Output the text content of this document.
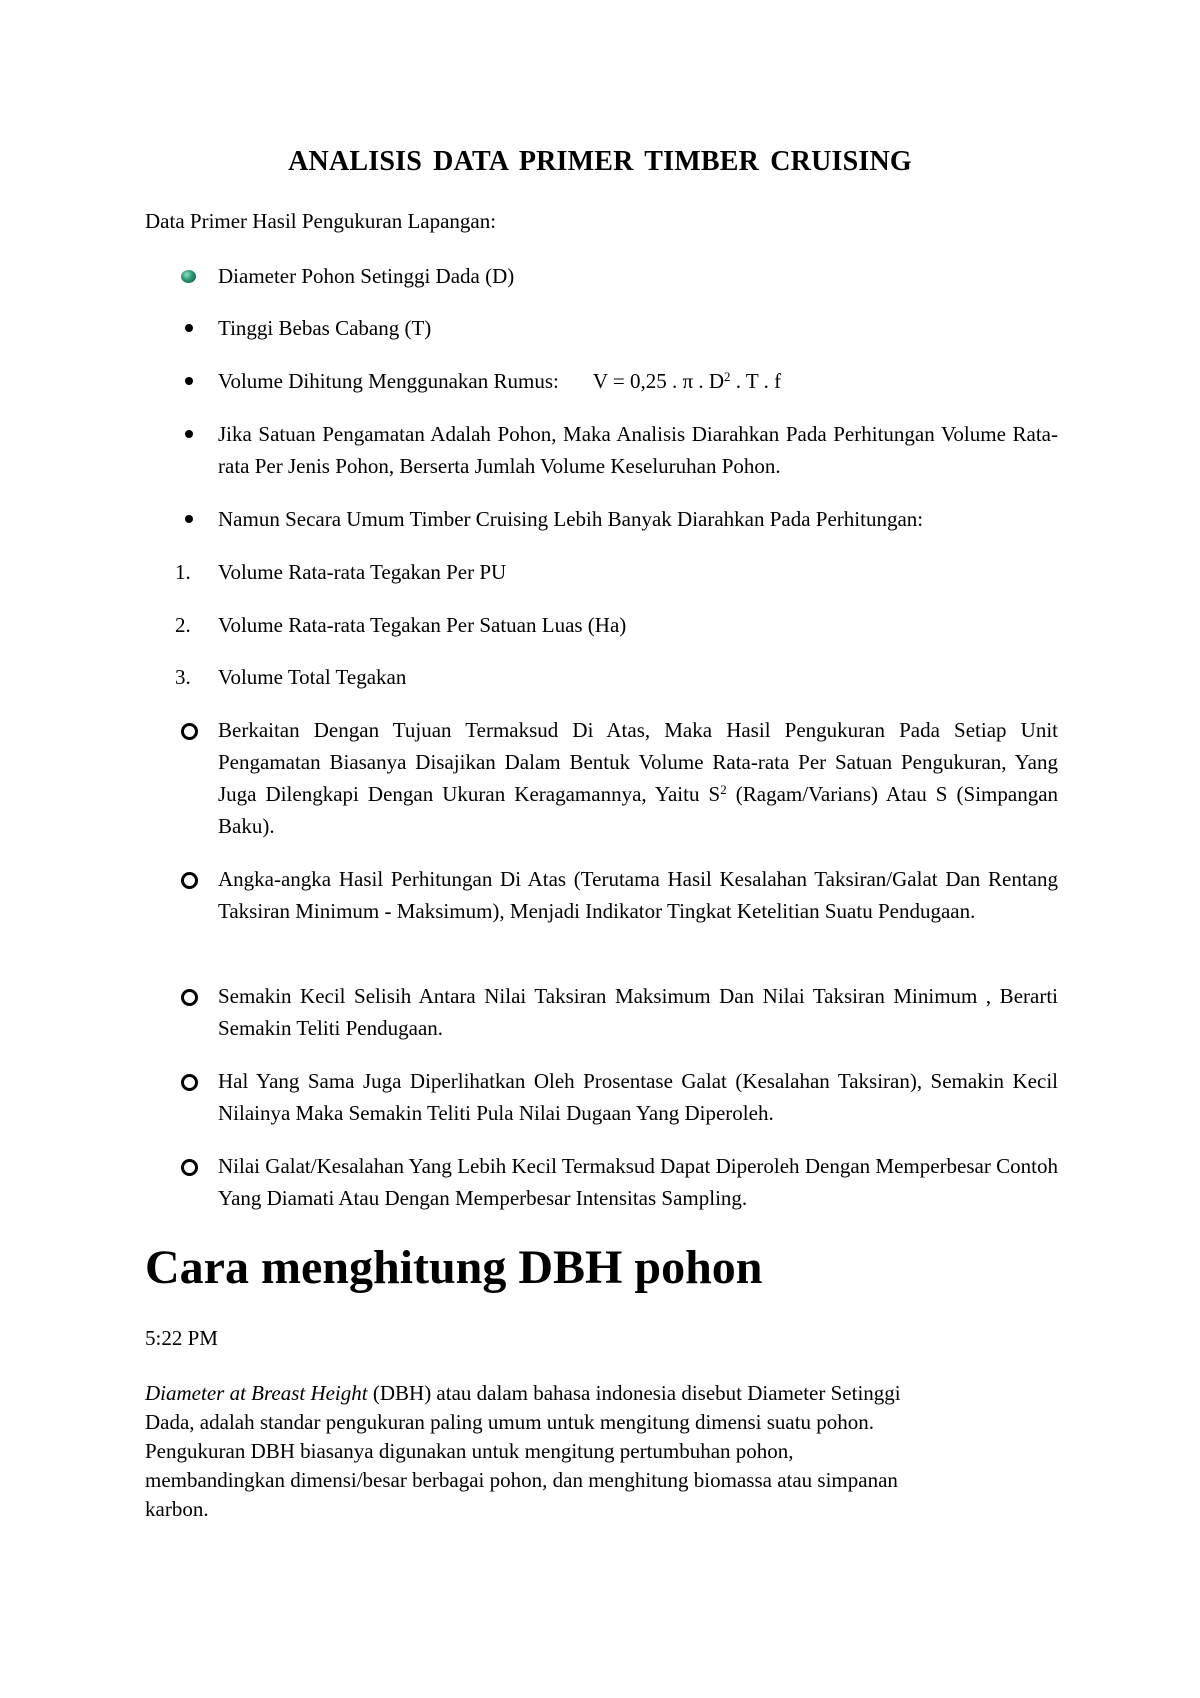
ANALISIS DATA PRIMER TIMBER CRUISING

Data Primer Hasil Pengukuran Lapangan:

Diameter Pohon Setinggi Dada (D)
Tinggi Bebas Cabang (T)
Volume Dihitung Menggunakan Rumus: V = 0,25 . π . $D^2$ . T . f
Jika Satuan Pengamatan Adalah Pohon, Maka Analisis Diarahkan Pada Perhitungan Volume Rata-rata Per Jenis Pohon, Berserta Jumlah Volume Keseluruhan Pohon.
Namun Secara Umum Timber Cruising Lebih Banyak Diarahkan Pada Perhitungan:
1. Volume Rata-rata Tegakan Per PU
2. Volume Rata-rata Tegakan Per Satuan Luas (Ha)
3. Volume Total Tegakan
Berkaitan Dengan Tujuan Termaksud Di Atas, Maka Hasil Pengukuran Pada Setiap Unit Pengamatan Biasanya Disajikan Dalam Bentuk Volume Rata-rata Per Satuan Pengukuran, Yang Juga Dilengkapi Dengan Ukuran Keragamannya, Yaitu $S^2$ (Ragam/Varians) Atau S (Simpangan Baku).
Angka-angka Hasil Perhitungan Di Atas (Terutama Hasil Kesalahan Taksiran/Galat Dan Rentang Taksiran Minimum - Maksimum), Menjadi Indikator Tingkat Ketelitian Suatu Pendugaan.
Semakin Kecil Selisih Antara Nilai Taksiran Maksimum Dan Nilai Taksiran Minimum , Berarti Semakin Teliti Pendugaan.
Hal Yang Sama Juga Diperlihatkan Oleh Prosentase Galat (Kesalahan Taksiran), Semakin Kecil Nilainya Maka Semakin Teliti Pula Nilai Dugaan Yang Diperoleh.
Nilai Galat/Kesalahan Yang Lebih Kecil Termaksud Dapat Diperoleh Dengan Memperbesar Contoh Yang Diamati Atau Dengan Memperbesar Intensitas Sampling.
Cara menghitung DBH pohon

5:22 PM

Diameter at Breast Height (DBH) atau dalam bahasa indonesia disebut Diameter Setinggi
Dada, adalah standar pengukuran paling umum untuk mengitung dimensi suatu pohon.
Pengukuran DBH biasanya digunakan untuk mengitung pertumbuhan pohon,
membandingkan dimensi/besar berbagai pohon, dan menghitung biomassa atau simpanan
karbon.
